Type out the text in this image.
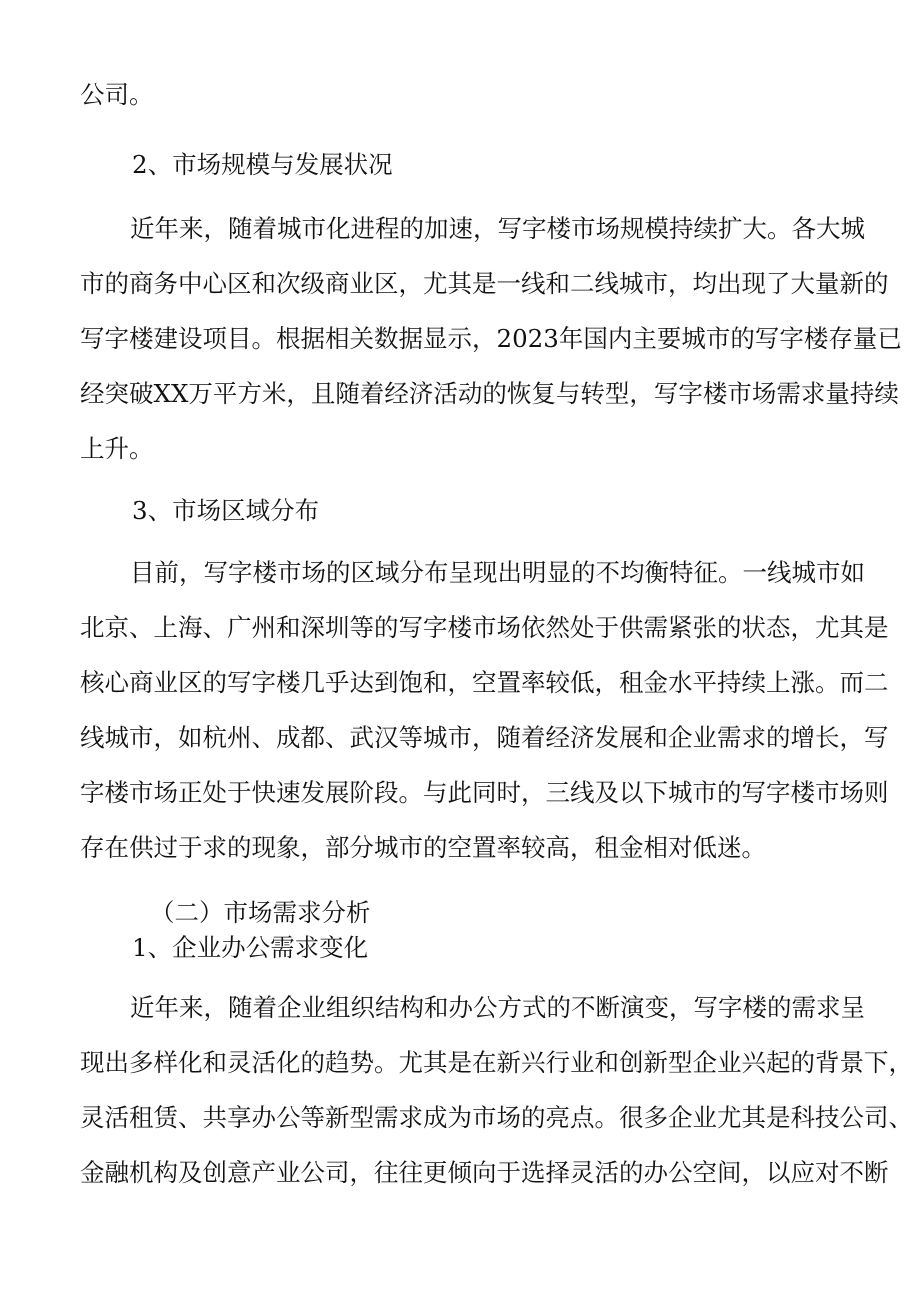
公司。
2、市场规模与发展状况
近年来，随着城市化进程的加速，写字楼市场规模持续扩大。各大城
市的商务中心区和次级商业区，尤其是一线和二线城市，均出现了大量新的
写字楼建设项目。根据相关数据显示，2023年国内主要城市的写字楼存量已
经突破XX万平方米，且随着经济活动的恢复与转型，写字楼市场需求量持续
上升。
3、市场区域分布
目前，写字楼市场的区域分布呈现出明显的不均衡特征。一线城市如
北京、上海、广州和深圳等的写字楼市场依然处于供需紧张的状态，尤其是
核心商业区的写字楼几乎达到饱和，空置率较低，租金水平持续上涨。而二
线城市，如杭州、成都、武汉等城市，随着经济发展和企业需求的增长，写
字楼市场正处于快速发展阶段。与此同时，三线及以下城市的写字楼市场则
存在供过于求的现象，部分城市的空置率较高，租金相对低迷。
（二）市场需求分析
1、企业办公需求变化
近年来，随着企业组织结构和办公方式的不断演变，写字楼的需求呈
现出多样化和灵活化的趋势。尤其是在新兴行业和创新型企业兴起的背景下，
灵活租赁、共享办公等新型需求成为市场的亮点。很多企业尤其是科技公司、
金融机构及创意产业公司，往往更倾向于选择灵活的办公空间，以应对不断
